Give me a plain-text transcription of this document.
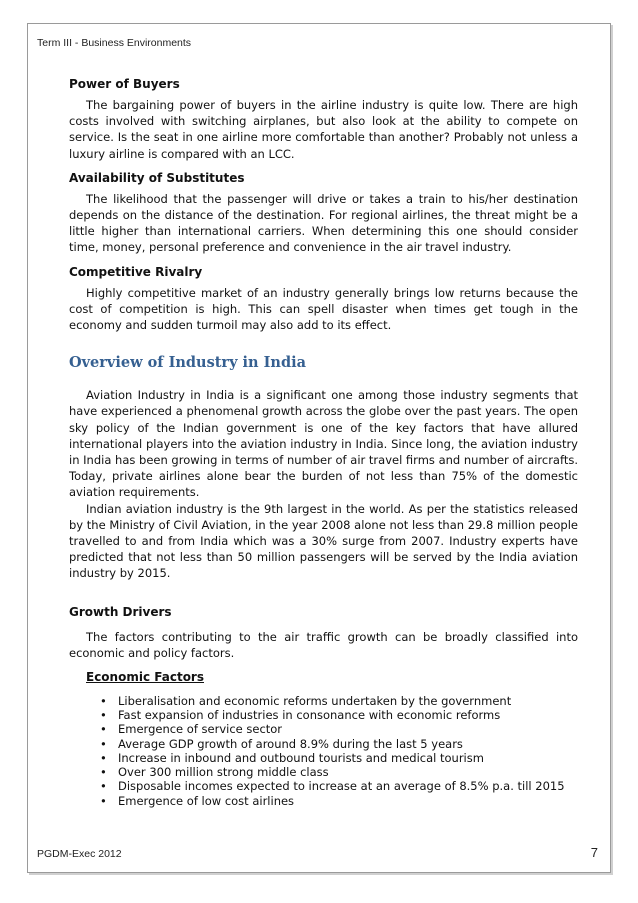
Term III - Business Environments

Power of Buyers

The bargaining power of buyers in the airline industry is quite low. There are high costs involved with switching airplanes, but also look at the ability to compete on service. Is the seat in one airline more comfortable than another? Probably not unless a luxury airline is compared with an LCC.

Availability of Substitutes

The likelihood that the passenger will drive or takes a train to his/her destination depends on the distance of the destination. For regional airlines, the threat might be a little higher than international carriers. When determining this one should consider time, money, personal preference and convenience in the air travel industry.

Competitive Rivalry

Highly competitive market of an industry generally brings low returns because the cost of competition is high. This can spell disaster when times get tough in the economy and sudden turmoil may also add to its effect.

Overview of Industry in India

Aviation Industry in India is a significant one among those industry segments that have experienced a phenomenal growth across the globe over the past years. The open sky policy of the Indian government is one of the key factors that have allured international players into the aviation industry in India. Since long, the aviation industry in India has been growing in terms of number of air travel firms and number of aircrafts. Today, private airlines alone bear the burden of not less than 75% of the domestic aviation requirements.

Indian aviation industry is the 9th largest in the world. As per the statistics released by the Ministry of Civil Aviation, in the year 2008 alone not less than 29.8 million people travelled to and from India which was a 30% surge from 2007. Industry experts have predicted that not less than 50 million passengers will be served by the India aviation industry by 2015.

Growth Drivers

The factors contributing to the air traffic growth can be broadly classified into economic and policy factors.

Economic Factors

• Liberalisation and economic reforms undertaken by the government
• Fast expansion of industries in consonance with economic reforms
• Emergence of service sector
• Average GDP growth of around 8.9% during the last 5 years
• Increase in inbound and outbound tourists and medical tourism
• Over 300 million strong middle class
• Disposable incomes expected to increase at an average of 8.5% p.a. till 2015
• Emergence of low cost airlines
PGDM-Exec 2012	7
